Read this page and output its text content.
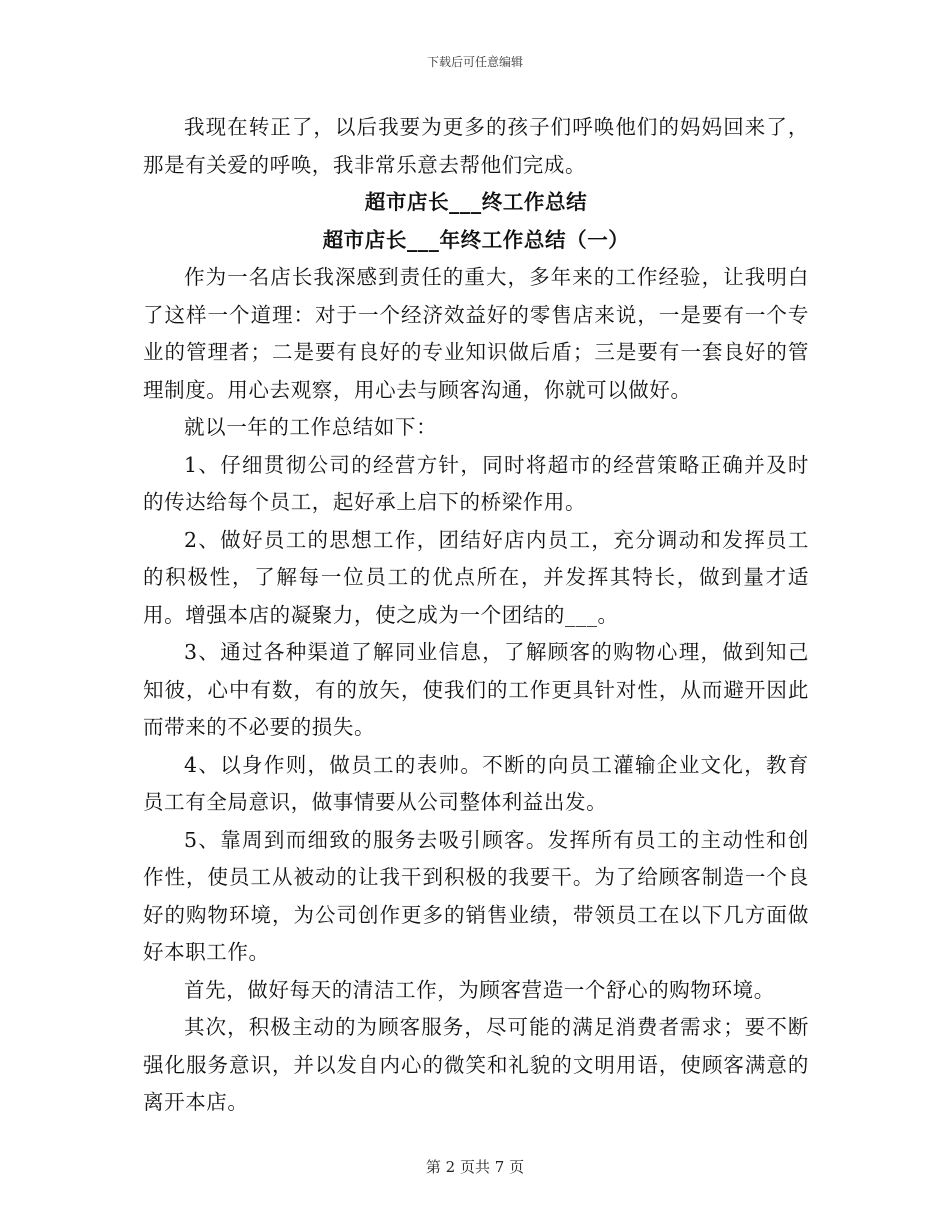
下载后可任意编辑

我现在转正了，以后我要为更多的孩子们呼唤他们的妈妈回来了，那是有关爱的呼唤，我非常乐意去帮他们完成。

超市店长___终工作总结
超市店长___年终工作总结（一）

作为一名店长我深感到责任的重大，多年来的工作经验，让我明白了这样一个道理：对于一个经济效益好的零售店来说，一是要有一个专业的管理者；二是要有良好的专业知识做后盾；三是要有一套良好的管理制度。用心去观察，用心去与顾客沟通，你就可以做好。

就以一年的工作总结如下：

1、仔细贯彻公司的经营方针，同时将超市的经营策略正确并及时的传达给每个员工，起好承上启下的桥梁作用。

2、做好员工的思想工作，团结好店内员工，充分调动和发挥员工的积极性，了解每一位员工的优点所在，并发挥其特长，做到量才适用。增强本店的凝聚力，使之成为一个团结的___。

3、通过各种渠道了解同业信息，了解顾客的购物心理，做到知己知彼，心中有数，有的放矢，使我们的工作更具针对性，从而避开因此而带来的不必要的损失。

4、以身作则，做员工的表帅。不断的向员工灌输企业文化，教育员工有全局意识，做事情要从公司整体利益出发。

5、靠周到而细致的服务去吸引顾客。发挥所有员工的主动性和创作性，使员工从被动的让我干到积极的我要干。为了给顾客制造一个良好的购物环境，为公司创作更多的销售业绩，带领员工在以下几方面做好本职工作。

首先，做好每天的清洁工作，为顾客营造一个舒心的购物环境。

其次，积极主动的为顾客服务，尽可能的满足消费者需求；要不断强化服务意识，并以发自内心的微笑和礼貌的文明用语，使顾客满意的离开本店。

第 2 页共 7 页
